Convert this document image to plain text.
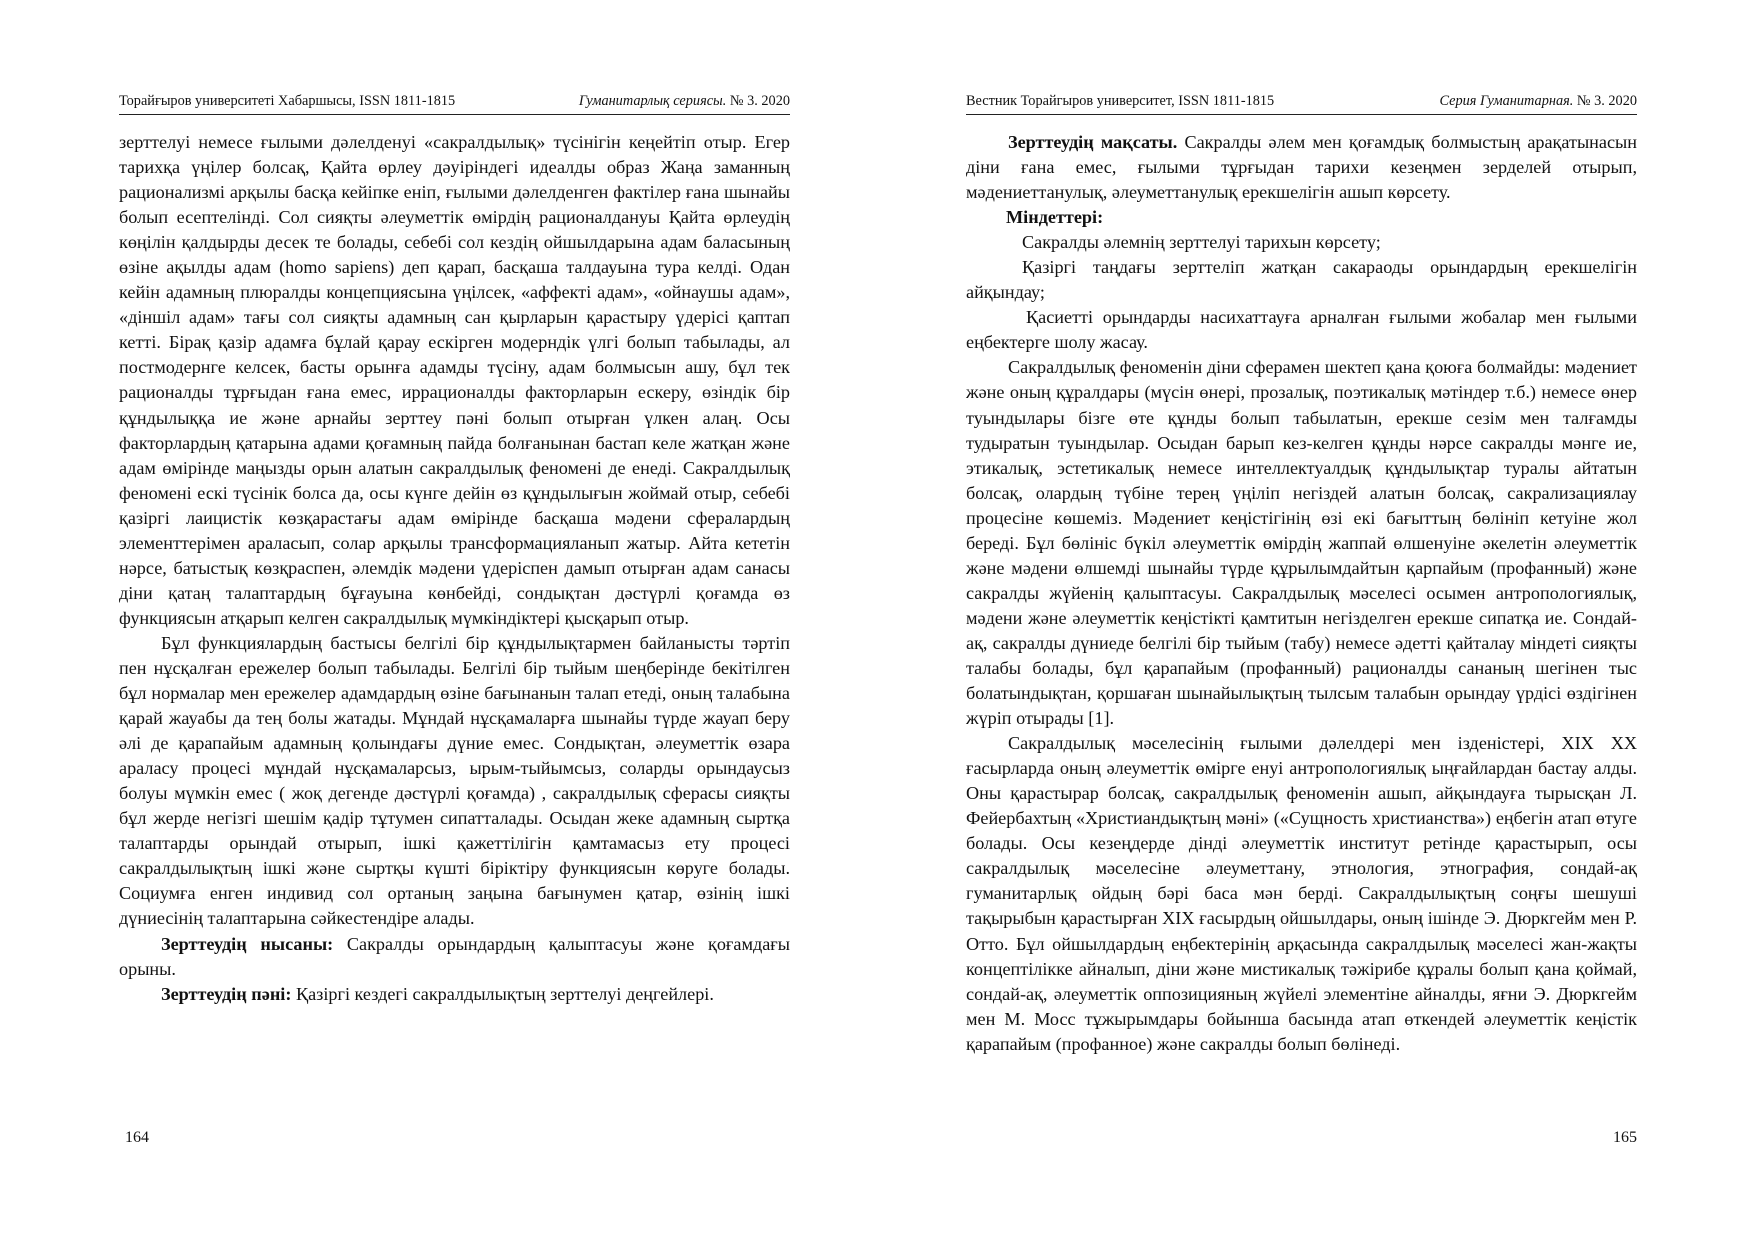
Торайғыров университеті Хабаршысы, ISSN 1811-1815	Гуманитарлық сериясы. № 3. 2020

зерттелуі немесе ғылыми дәлелденуі «сакралдылық» түсінігін кеңейтіп отыр. Егер тарихқа үңілер болсақ, Қайта өрлеу дәуіріндегі идеалды образ Жаңа заманның рационализмі арқылы басқа кейіпке еніп, ғылыми дәлелденген фактілер ғана шынайы болып есептелінді. Сол сияқты әлеуметтік өмірдің рационалдануы Қайта өрлеудің көңілін қалдырды десек те болады, себебі сол кездің ойшылдарына адам баласының өзіне ақылды адам (homo sapiens) деп қарап, басқаша талдауына тура келді. Одан кейін адамның плюралды концепциясына үңілсек, «аффекті адам», «ойнаушы адам», «діншіл адам» тағы сол сияқты адамның сан қырларын қарастыру үдерісі қаптап кетті. Бірақ қазір адамға бұлай қарау ескірген модерндік үлгі болып табылады, ал постмодернге келсек, басты орынға адамды түсіну, адам болмысын ашу, бұл тек рационалды тұрғыдан ғана емес, иррационалды факторларын ескеру, өзіндік бір құндылыққа ие және арнайы зерттеу пәні болып отырған үлкен алаң. Осы факторлардың қатарына адами қоғамның пайда болғанынан бастап келе жатқан және адам өмірінде маңызды орын алатын сакралдылық феномені де енеді. Сакралдылық феномені ескі түсінік болса да, осы күнге дейін өз құндылығын жоймай отыр, себебі қазіргі лаицистік көзқарастағы адам өмірінде басқаша мәдени сфералардың элементтерімен араласып, солар арқылы трансформацияланып жатыр. Айта кететін нәрсе, батыстық көзқраспен, әлемдік мәдени үдеріспен дамып отырған адам санасы діни қатаң талаптардың бұғауына көнбейді, сондықтан дәстүрлі қоғамда өз функциясын атқарып келген сакралдылық мүмкіндіктері қысқарып отыр.

Бұл функциялардың бастысы белгілі бір құндылықтармен байланысты тәртіп пен нұсқалған ережелер болып табылады. Белгілі бір тыйым шеңберінде бекітілген бұл нормалар мен ережелер адамдардың өзіне бағынанын талап етеді, оның талабына қарай жауабы да тең болы жатады. Мұндай нұсқамаларға шынайы түрде жауап беру әлі де қарапайым адамның қолындағы дүние емес. Сондықтан, әлеуметтік өзара араласу процесі мұндай нұсқамаларсыз, ырым-тыйымсыз, соларды орындаусыз болуы мүмкін емес ( жоқ дегенде дәстүрлі қоғамда) , сакралдылық сферасы сияқты бұл жерде негізгі шешім қадір тұтумен сипатталады. Осыдан жеке адамның сыртқа талаптарды орындай отырып, ішкі қажеттілігін қамтамасыз ету процесі сакралдылықтың ішкі және сыртқы күшті біріктіру функциясын көруге болады. Социумға енген индивид сол ортаның заңына бағынумен қатар, өзінің ішкі дүниесінің талаптарына сәйкестендіре алады.

Зерттеудің нысаны: Сакралды орындардың қалыптасуы және қоғамдағы орыны.

Зерттеудің пәні: Қазіргі кездегі сакралдылықтың зерттелуі деңгейлері.

164
Вестник Торайгыров университет, ISSN 1811-1815	Серия Гуманитарная. № 3. 2020

Зерттеудің мақсаты. Сакралды әлем мен қоғамдық болмыстың арақатынасын діни ғана емес, ғылыми тұрғыдан тарихи кезеңмен зерделей отырып, мәдениеттанулық, әлеуметтанулық ерекшелігін ашып көрсету.

Міндеттері:

Сакралды әлемнің зерттелуі тарихын көрсету;

Қазіргі таңдағы зерттеліп жатқан сакараоды орындардың ерекшелігін айқындау;

Қасиетті орындарды насихаттауға арналған ғылыми жобалар мен ғылыми еңбектерге шолу жасау.

Сакралдылық феноменін діни сферамен шектеп қана қоюға болмайды: мәдениет және оның құралдары (мүсін өнері, прозалық, поэтикалық мәтіндер т.б.) немесе өнер туындылары бізге өте құнды болып табылатын, ерекше сезім мен талғамды тудыратын туындылар. Осыдан барып кез-келген құнды нәрсе сакралды мәнге ие, этикалық, эстетикалық немесе интеллектуалдық құндылықтар туралы айтатын болсақ, олардың түбіне терең үңіліп негіздей алатын болсақ, сакрализациялау процесіне көшеміз. Мәдениет кеңістігінің өзі екі бағыттың бөлініп кетуіне жол береді. Бұл бөлініс бүкіл әлеуметтік өмірдің жаппай өлшенуіне әкелетін әлеуметтік және мәдени өлшемді шынайы түрде құрылымдайтын қарпайым (профанный) және сакралды жүйенің қалыптасуы. Сакралдылық мәселесі осымен антропологиялық, мәдени және әлеуметтік кеңістікті қамтитын негізделген ерекше сипатқа ие. Сондай-ақ, сакралды дүниеде белгілі бір тыйым (табу) немесе әдетті қайталау міндеті сияқты талабы болады, бұл қарапайым (профанный) рационалды сананың шегінен тыс болатындықтан, қоршаған шынайылықтың тылсым талабын орындау үрдісі өздігінен жүріп отырады [1].

Сакралдылық мәселесінің ғылыми дәлелдері мен ізденістері, XIX XX ғасырларда оның әлеуметтік өмірге енуі антропологиялық ыңғайлардан бастау алды. Оны қарастырар болсақ, сакралдылық феноменін ашып, айқындауға тырысқан Л. Фейербахтың «Христиандықтың мәні» («Сущность христианства») еңбегін атап өтуге болады. Осы кезеңдерде дінді әлеуметтік институт ретінде қарастырып, осы сакралдылық мәселесіне әлеуметтану, этнология, этнография, сондай-ақ гуманитарлық ойдың бәрі баса мән берді. Сакралдылықтың соңғы шешуші тақырыбын қарастырған XIX ғасырдың ойшылдары, оның ішінде Э. Дюркгейм мен Р. Отто. Бұл ойшылдардың еңбектерінің арқасында сакралдылық мәселесі жан-жақты концептілікке айналып, діни және мистикалық тәжірибе құралы болып қана қоймай, сондай-ақ, әлеуметтік оппозицияның жүйелі элементіне айналды, яғни Э. Дюркгейм мен М. Мосс тұжырымдары бойынша басында атап өткендей әлеуметтік кеңістік қарапайым (профанное) және сакралды болып бөлінеді.

165
